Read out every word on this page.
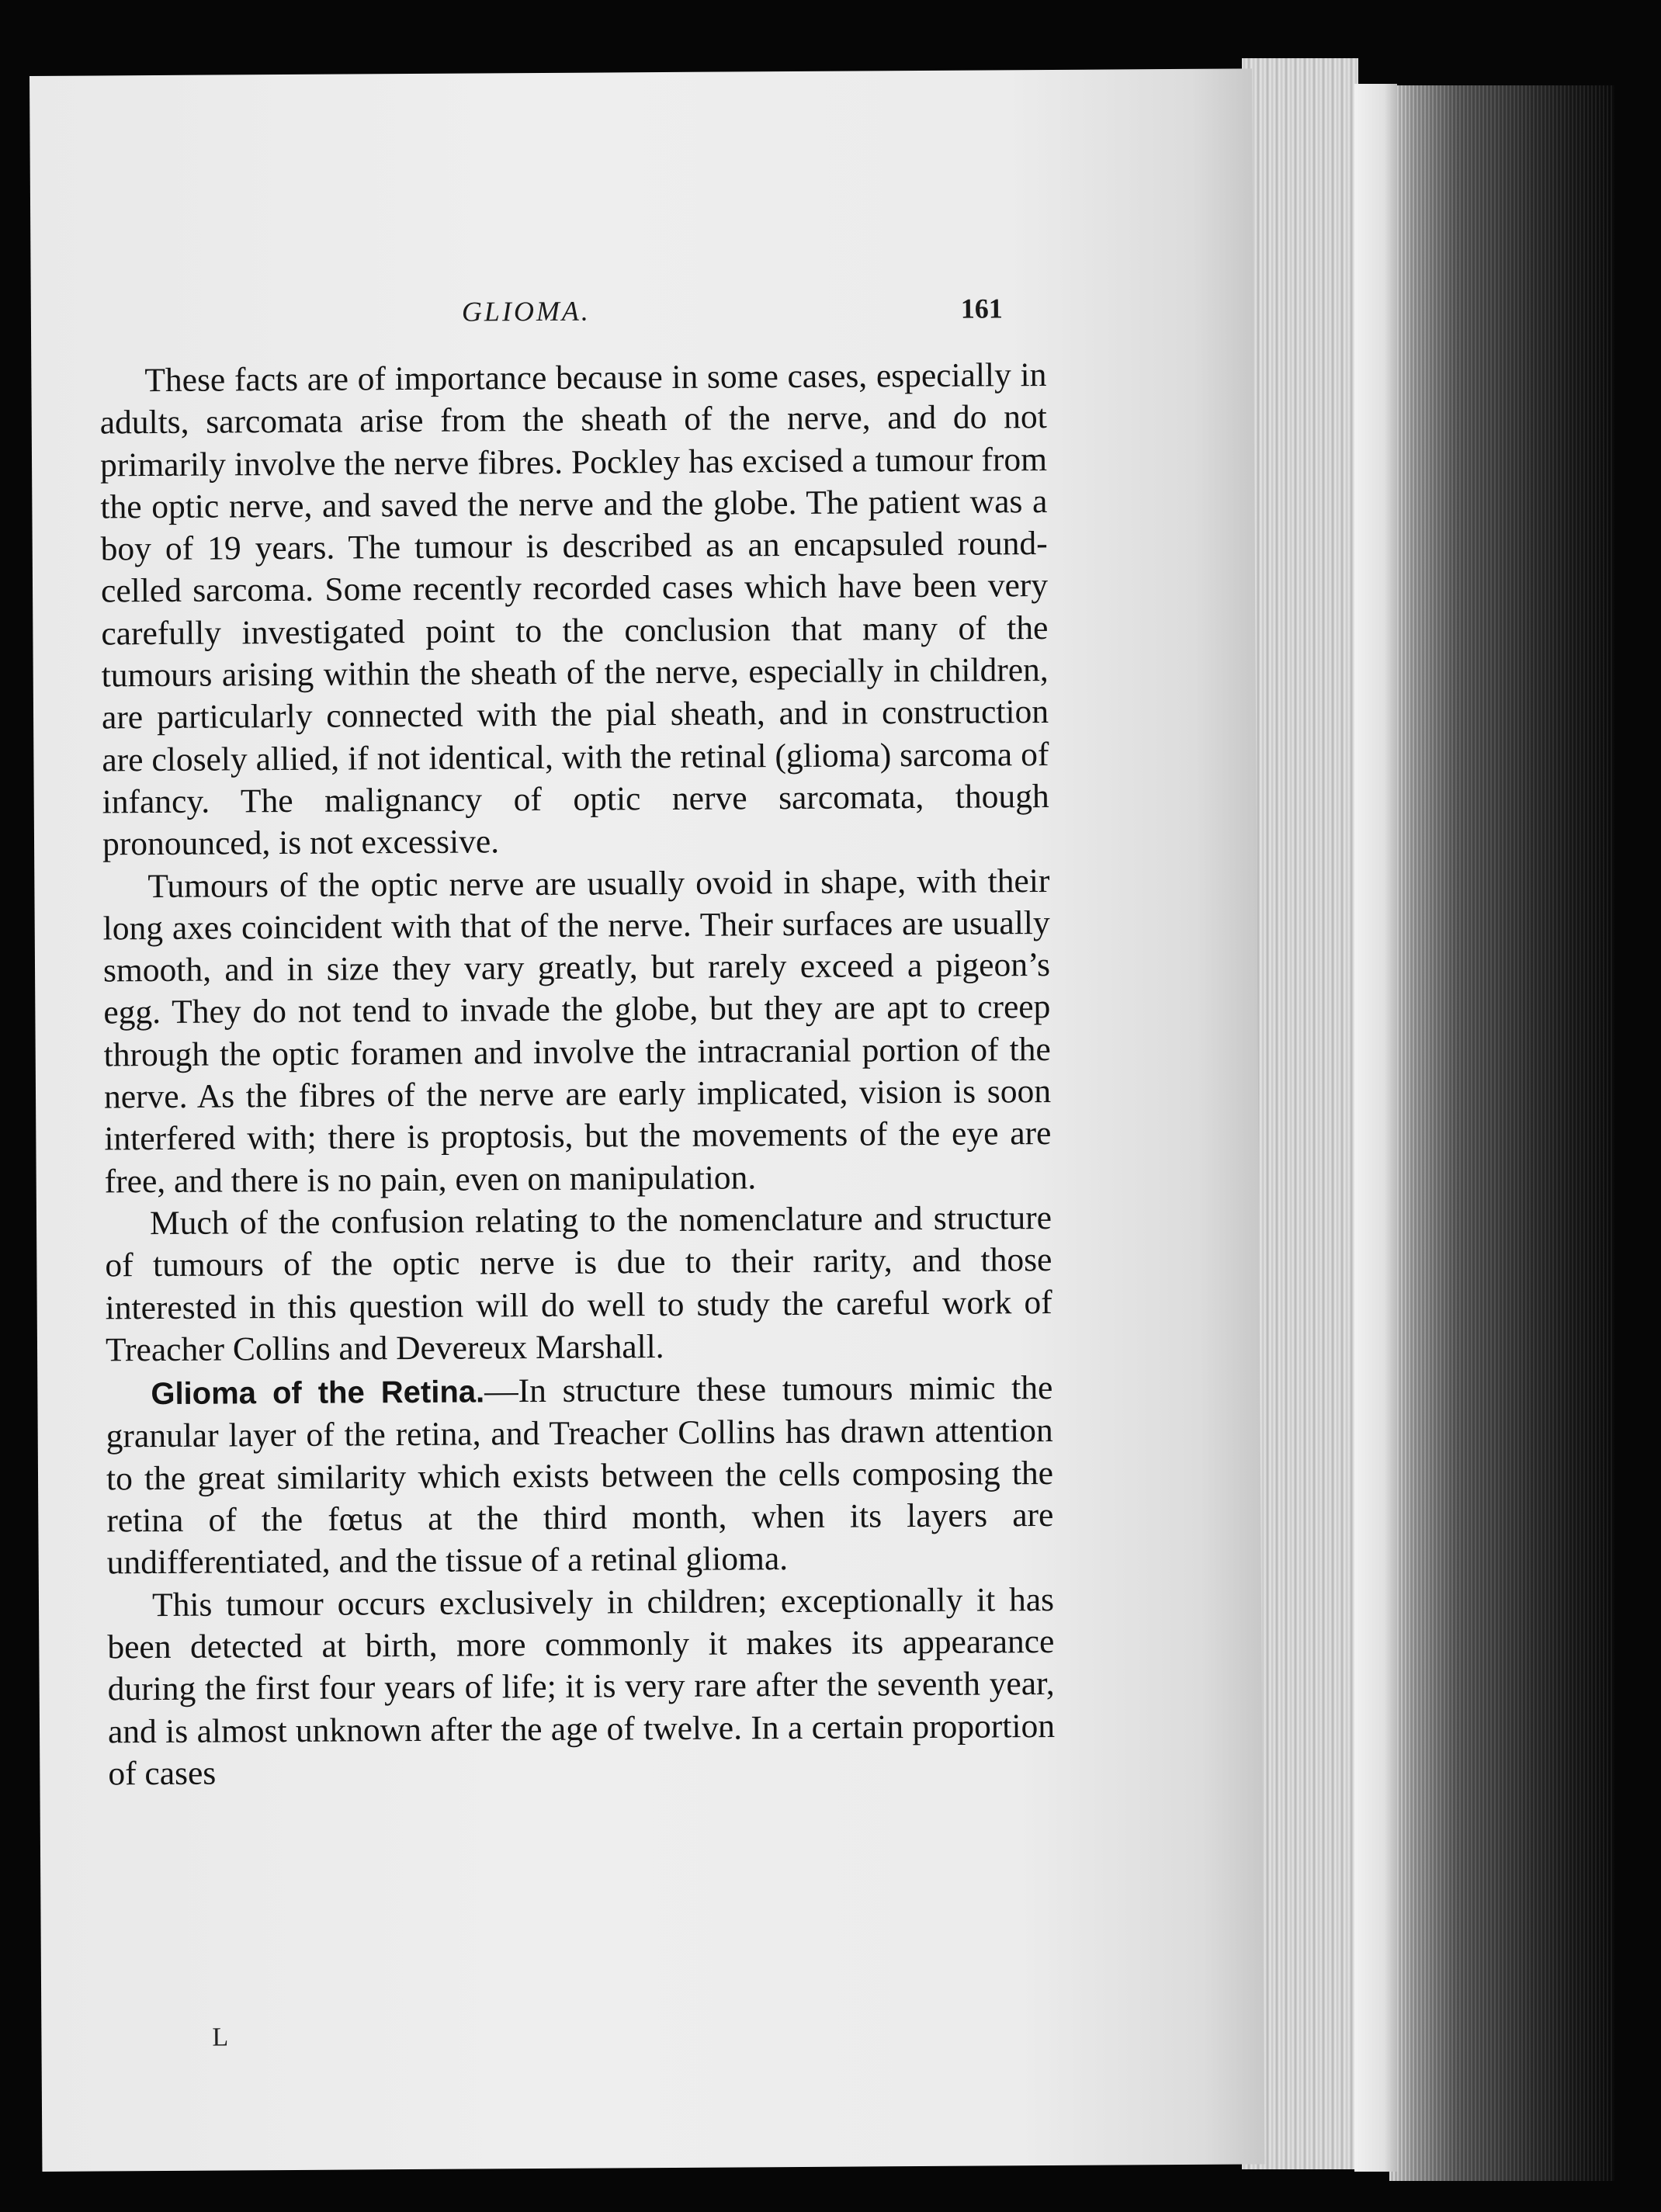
GLIOMA.	161

These facts are of importance because in some cases, especially in adults, sarcomata arise from the sheath of the nerve, and do not primarily involve the nerve fibres. Pockley has excised a tumour from the optic nerve, and saved the nerve and the globe. The patient was a boy of 19 years. The tumour is described as an encapsuled round-celled sarcoma. Some recently recorded cases which have been very carefully investigated point to the conclusion that many of the tumours arising within the sheath of the nerve, especially in children, are particularly connected with the pial sheath, and in construction are closely allied, if not identical, with the retinal (glioma) sarcoma of infancy. The malignancy of optic nerve sarcomata, though pronounced, is not excessive.

Tumours of the optic nerve are usually ovoid in shape, with their long axes coincident with that of the nerve. Their surfaces are usually smooth, and in size they vary greatly, but rarely exceed a pigeon’s egg. They do not tend to invade the globe, but they are apt to creep through the optic foramen and involve the intracranial portion of the nerve. As the fibres of the nerve are early implicated, vision is soon interfered with; there is proptosis, but the movements of the eye are free, and there is no pain, even on manipulation.

Much of the confusion relating to the nomenclature and structure of tumours of the optic nerve is due to their rarity, and those interested in this question will do well to study the careful work of Treacher Collins and Devereux Marshall.

Glioma of the Retina.—In structure these tumours mimic the granular layer of the retina, and Treacher Collins has drawn attention to the great similarity which exists between the cells composing the retina of the fœtus at the third month, when its layers are undifferentiated, and the tissue of a retinal glioma.

This tumour occurs exclusively in children; exceptionally it has been detected at birth, more commonly it makes its appearance during the first four years of life; it is very rare after the seventh year, and is almost unknown after the age of twelve. In a certain proportion of cases

L
